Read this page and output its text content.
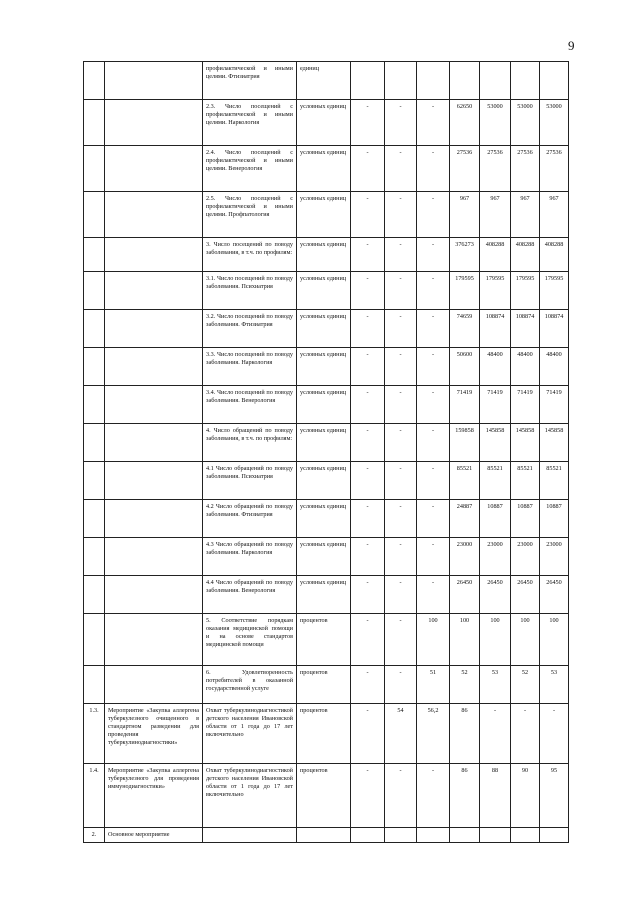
9
		профилактической и иными целями. Фтизиатрия	единиц							
		2.3. Число посещений с профилактической и иными целями. Наркология	условных единиц	-	-	-	62650	53000	53000	53000
		2.4. Число посещений с профилактической и иными целями. Венерология	условных единиц	-	-	-	27536	27536	27536	27536
		2.5. Число посещений с профилактической и иными целями. Профпатология	условных единиц	-	-	-	967	967	967	967
		3. Число посещений по поводу заболевания, в т.ч. по профилям:	условных единиц	-	-	-	376273	408288	408288	408288
		3.1. Число посещений по поводу заболевания. Психиатрия	условных единиц	-	-	-	179595	179595	179595	179595
		3.2. Число посещений по поводу заболевания. Фтизиатрия	условных единиц	-	-	-	74659	108874	108874	108874
		3.3. Число посещений по поводу заболевания. Наркология	условных единиц	-	-	-	50600	48400	48400	48400
		3.4. Число посещений по поводу заболевания. Венерология	условных единиц	-	-	-	71419	71419	71419	71419
		4. Число обращений по поводу заболевания, в т.ч. по профилям:	условных единиц	-	-	-	159858	145858	145858	145858
		4.1 Число обращений по поводу заболевания. Психиатрия	условных единиц	-	-	-	85521	85521	85521	85521
		4.2 Число обращений по поводу заболевания. Фтизиатрия	условных единиц	-	-	-	24887	10887	10887	10887
		4.3 Число обращений по поводу заболевания. Наркология	условных единиц	-	-	-	23000	23000	23000	23000
		4.4 Число обращений по поводу заболевания. Венерология	условных единиц	-	-	-	26450	26450	26450	26450
		5. Соответствие порядкам оказания медицинской помощи и на основе стандартов медицинской помощи	процентов	-	-	100	100	100	100	100
		6. Удовлетворенность потребителей в оказанной государственной услуге	процентов	-	-	51	52	53	52	53
1.3.	Мероприятие «Закупка аллергена туберкулезного очищенного в стандартном разведении для проведения туберкулинодиагностики»	Охват туберкулинодиагностикой детского населения Ивановской области от 1 года до 17 лет включительно	процентов	-	54	56,2	86	-	-	-
1.4.	Мероприятие «Закупка аллергена туберкулезного для проведения иммунодиагностики»	Охват туберкулинодиагностикой детского населения Ивановской области от 1 года до 17 лет включительно	процентов	-	-	-	86	88	90	95
2.	Основное мероприятие									
